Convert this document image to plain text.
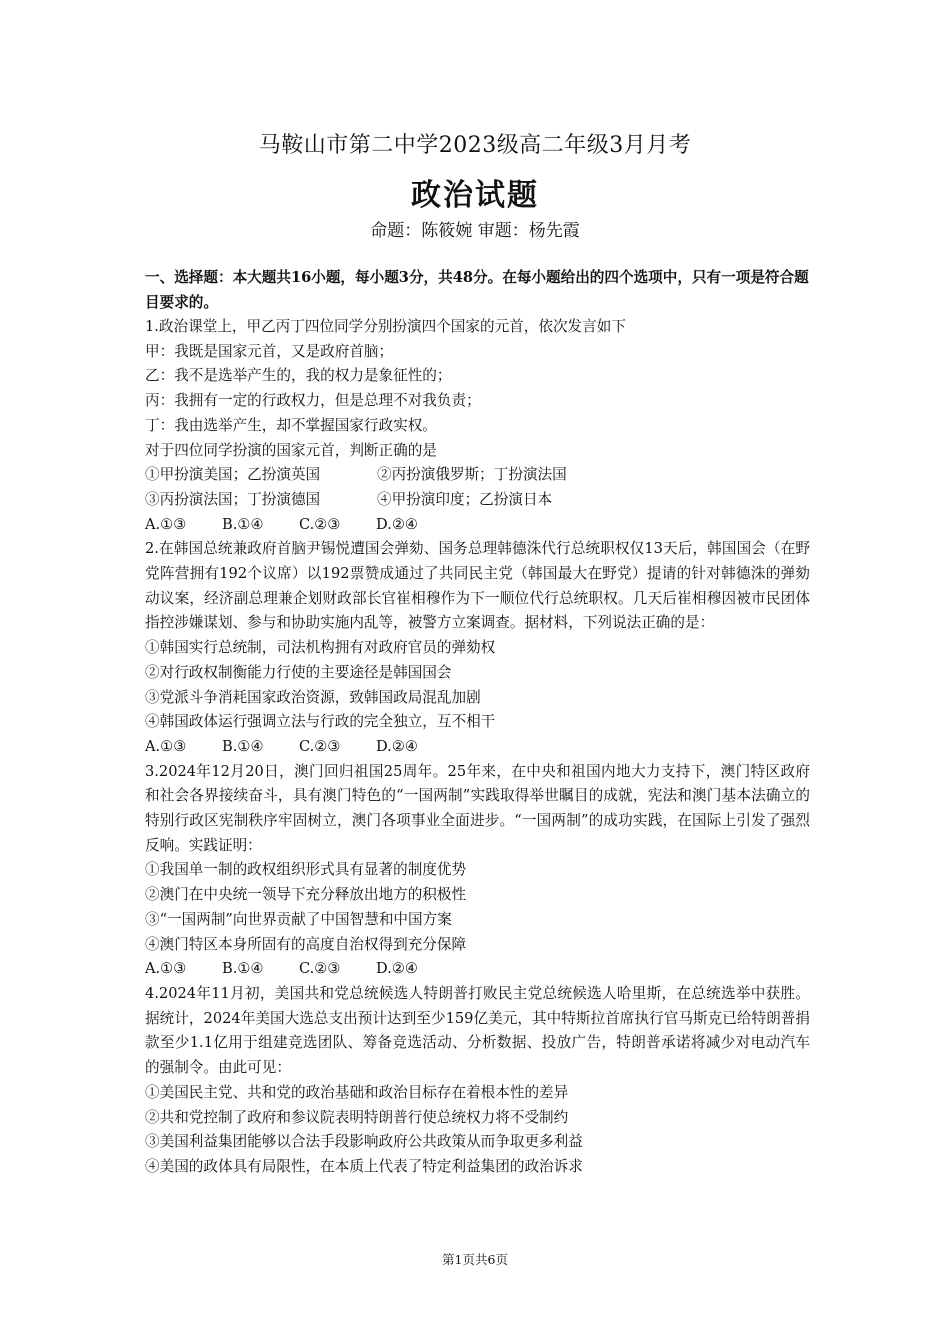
马鞍山市第二中学2023级高二年级3月月考
政治试题
命题：陈筱婉 审题：杨先霞

一、选择题：本大题共16小题，每小题3分，共48分。在每小题给出的四个选项中，只有一项是符合题目要求的。

1.政治课堂上，甲乙丙丁四位同学分别扮演四个国家的元首，依次发言如下

甲：我既是国家元首，又是政府首脑；

乙：我不是选举产生的，我的权力是象征性的；

丙：我拥有一定的行政权力，但是总理不对我负责；

丁：我由选举产生，却不掌握国家行政实权。

对于四位同学扮演的国家元首，判断正确的是

①甲扮演美国；乙扮演英国	②丙扮演俄罗斯；丁扮演法国
③丙扮演法国；丁扮演德国	④甲扮演印度；乙扮演日本
A.①③	B.①④	C.②③	D.②④

2.在韩国总统兼政府首脑尹锡悦遭国会弹劾、国务总理韩德洙代行总统职权仅13天后，韩国国会（在野党阵营拥有192个议席）以192票赞成通过了共同民主党（韩国最大在野党）提请的针对韩德洙的弹劾动议案，经济副总理兼企划财政部长官崔相穆作为下一顺位代行总统职权。几天后崔相穆因被市民团体指控涉嫌谋划、参与和协助实施内乱等，被警方立案调查。据材料，下列说法正确的是：

①韩国实行总统制，司法机构拥有对政府官员的弹劾权

②对行政权制衡能力行使的主要途径是韩国国会

③党派斗争消耗国家政治资源，致韩国政局混乱加剧

④韩国政体运行强调立法与行政的完全独立，互不相干

A.①③	B.①④	C.②③	D.②④

3.2024年12月20日，澳门回归祖国25周年。25年来，在中央和祖国内地大力支持下，澳门特区政府和社会各界接续奋斗，具有澳门特色的“一国两制”实践取得举世瞩目的成就，宪法和澳门基本法确立的特别行政区宪制秩序牢固树立，澳门各项事业全面进步。“一国两制”的成功实践，在国际上引发了强烈反响。实践证明：

①我国单一制的政权组织形式具有显著的制度优势

②澳门在中央统一领导下充分释放出地方的积极性

③“一国两制”向世界贡献了中国智慧和中国方案

④澳门特区本身所固有的高度自治权得到充分保障

A.①③	B.①④	C.②③	D.②④

4.2024年11月初，美国共和党总统候选人特朗普打败民主党总统候选人哈里斯，在总统选举中获胜。据统计，2024年美国大选总支出预计达到至少159亿美元，其中特斯拉首席执行官马斯克已给特朗普捐款至少1.1亿用于组建竞选团队、筹备竞选活动、分析数据、投放广告，特朗普承诺将减少对电动汽车的强制令。由此可见：

①美国民主党、共和党的政治基础和政治目标存在着根本性的差异

②共和党控制了政府和参议院表明特朗普行使总统权力将不受制约

③美国利益集团能够以合法手段影响政府公共政策从而争取更多利益

④美国的政体具有局限性，在本质上代表了特定利益集团的政治诉求

第1页共6页
